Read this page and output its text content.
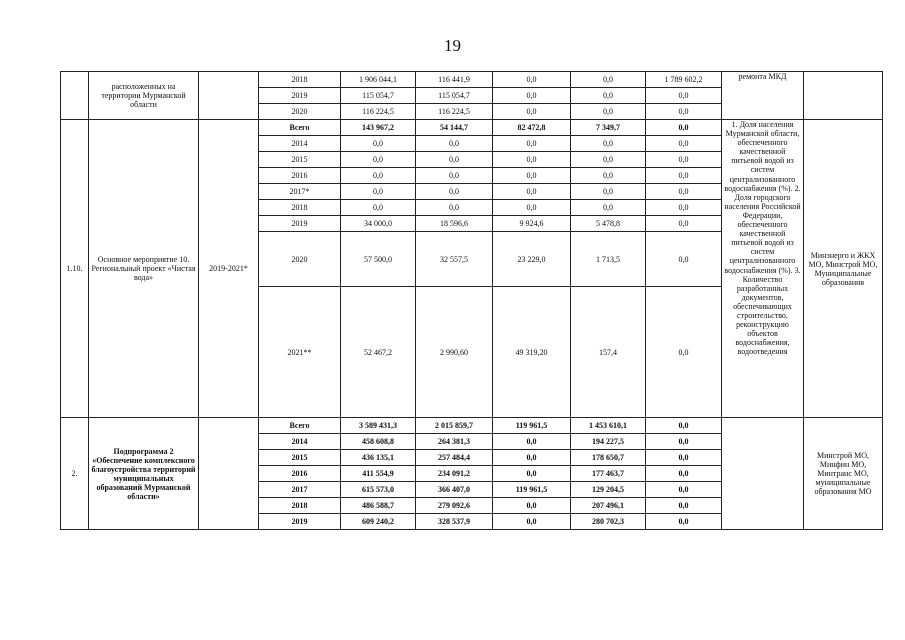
19
	расположенных на территории Мурманской области		2018	1 906 044,1	116 441,9	0,0	0,0	1 789 602,2	ремонта МКД	
			2019	115 054,7	115 054,7	0,0	0,0	0,0		
			2020	116 224,5	116 224,5	0,0	0,0	0,0		
1.10.	Основное мероприятие 10. Региональный проект «Чистая вода»	2019-2021*	Всего	143 967,2	54 144,7	82 472,8	7 349,7	0,0	1. Доля населения Мурманской области, обеспеченного качественной питьевой водой из систем централизованного водоснабжения (%). 2. Доля городского населения Российской Федерации, обеспеченного качественной питьевой водой из систем централизованного водоснабжения (%). 3. Количество разработанных документов, обеспечивающих строительство, реконструкцию объектов водоснабжения, водоотведения	Минэнерго и ЖКХ МО, Минстрой МО, Муниципальные образования
			2014	0,0	0,0	0,0	0,0	0,0		
			2015	0,0	0,0	0,0	0,0	0,0		
			2016	0,0	0,0	0,0	0,0	0,0		
			2017*	0,0	0,0	0,0	0,0	0,0		
			2018	0,0	0,0	0,0	0,0	0,0		
			2019	34 000,0	18 596,6	9 924,6	5 478,8	0,0		
			2020	57 500,0	32 557,5	23 229,0	1 713,5	0,0		
			2021**	52 467,2	2 990,60	49 319,20	157,4	0,0		
2.	Подпрограмма 2 «Обеспечение комплексного благоустройства территорий муниципальных образований Мурманской области»		Всего	3 589 431,3	2 015 859,7	119 961,5	1 453 610,1	0,0		Минстрой МО, Минфин МО, Минтранс МО, муниципальные образования МО
			2014	458 608,8	264 381,3	0,0	194 227,5	0,0		
			2015	436 135,1	257 484,4	0,0	178 650,7	0,0		
			2016	411 554,9	234 091,2	0,0	177 463,7	0,0		
			2017	615 573,0	366 407,0	119 961,5	129 204,5	0,0		
			2018	486 588,7	279 092,6	0,0	207 496,1	0,0		
			2019	609 240,2	328 537,9	0,0	280 702,3	0,0		
